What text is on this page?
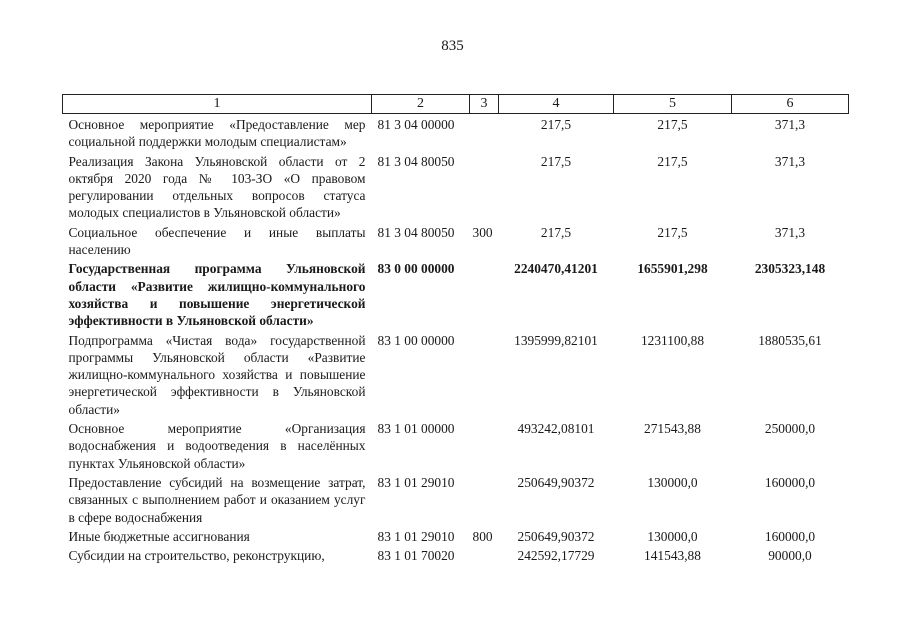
835
1	2	3	4	5	6
Основное мероприятие «Предоставление мер социальной поддержки молодым специалистам»	81 3 04 00000		217,5	217,5	371,3
Реализация Закона Ульяновской области от 2 октября 2020 года № 103-ЗО «О правовом регулировании отдельных вопросов статуса молодых специалистов в Ульяновской области»	81 3 04 80050		217,5	217,5	371,3
Социальное обеспечение и иные выплаты населению	81 3 04 80050	300	217,5	217,5	371,3
Государственная программа Ульяновской области «Развитие жилищно-коммунального хозяйства и повышение энергетической эффективности в Ульяновской области»	83 0 00 00000		2240470,41201	1655901,298	2305323,148
Подпрограмма «Чистая вода» государственной программы Ульяновской области «Развитие жилищно-коммунального хозяйства и повышение энергетической эффективности в Ульяновской области»	83 1 00 00000		1395999,82101	1231100,88	1880535,61
Основное мероприятие «Организация водоснабжения и водоотведения в населённых пунктах Ульяновской области»	83 1 01 00000		493242,08101	271543,88	250000,0
Предоставление субсидий на возмещение затрат, связанных с выполнением работ и оказанием услуг в сфере водоснабжения	83 1 01 29010		250649,90372	130000,0	160000,0
Иные бюджетные ассигнования	83 1 01 29010	800	250649,90372	130000,0	160000,0
Субсидии на строительство, реконструкцию,	83 1 01 70020		242592,17729	141543,88	90000,0
